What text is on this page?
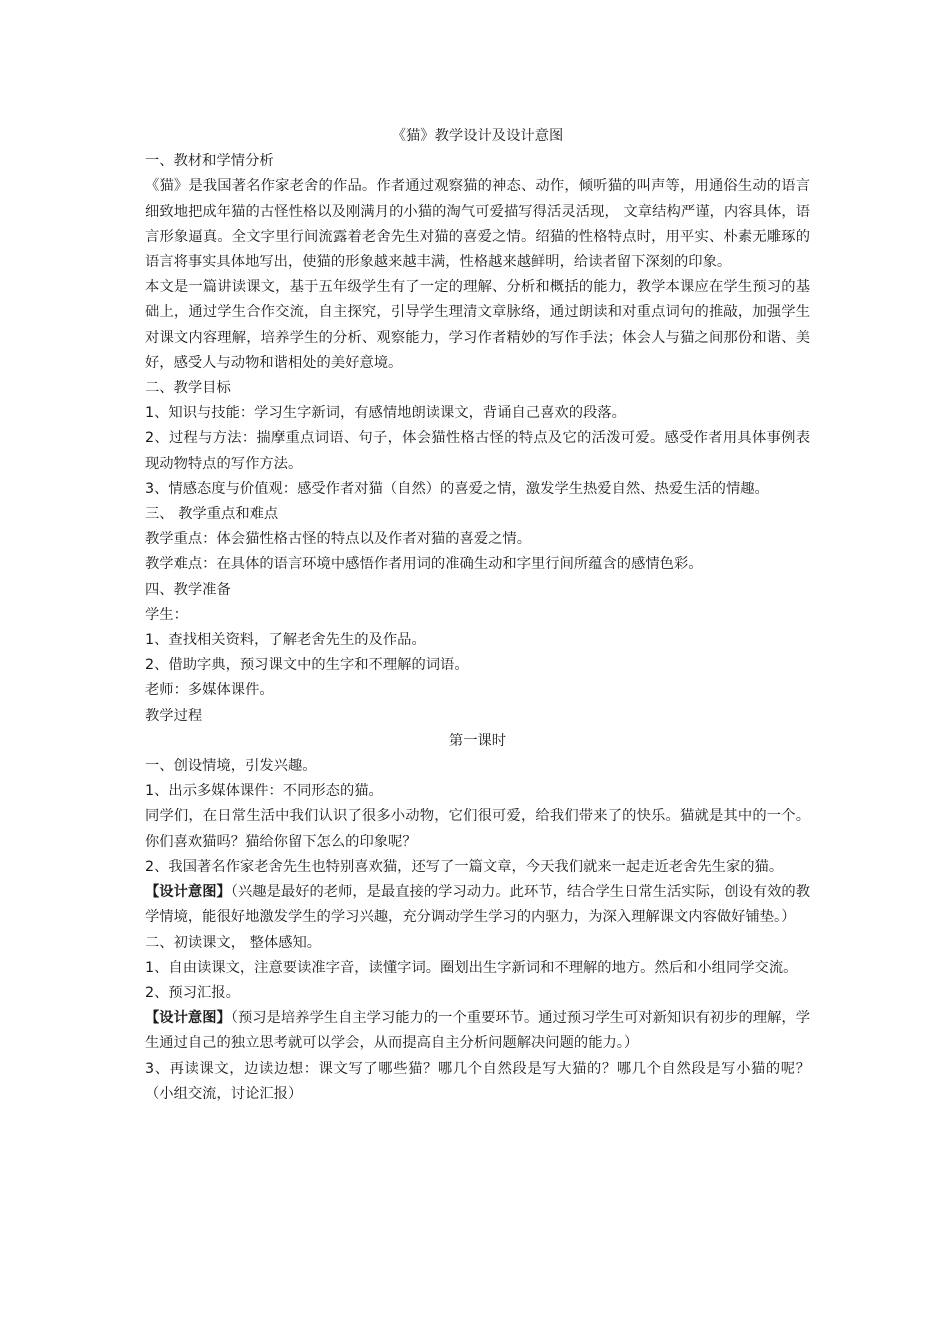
《猫》教学设计及设计意图

一、教材和学情分析

《猫》是我国著名作家老舍的作品。作者通过观察猫的神态、动作，倾听猫的叫声等，用通俗生动的语言细致地把成年猫的古怪性格以及刚满月的小猫的淘气可爱描写得活灵活现， 文章结构严谨，内容具体，语言形象逼真。全文字里行间流露着老舍先生对猫的喜爱之情。绍猫的性格特点时，用平实、朴素无雕琢的语言将事实具体地写出，使猫的形象越来越丰满，性格越来越鲜明，给读者留下深刻的印象。

本文是一篇讲读课文，基于五年级学生有了一定的理解、分析和概括的能力，教学本课应在学生预习的基础上，通过学生合作交流，自主探究，引导学生理清文章脉络，通过朗读和对重点词句的推敲，加强学生对课文内容理解，培养学生的分析、观察能力，学习作者精妙的写作手法；体会人与猫之间那份和谐、美好，感受人与动物和谐相处的美好意境。

二、教学目标

1、知识与技能：学习生字新词，有感情地朗读课文，背诵自己喜欢的段落。

2、过程与方法：揣摩重点词语、句子，体会猫性格古怪的特点及它的活泼可爱。感受作者用具体事例表现动物特点的写作方法。

3、情感态度与价值观：感受作者对猫（自然）的喜爱之情，激发学生热爱自然、热爱生活的情趣。

三、 教学重点和难点

教学重点：体会猫性格古怪的特点以及作者对猫的喜爱之情。

教学难点：在具体的语言环境中感悟作者用词的准确生动和字里行间所蕴含的感情色彩。

四、教学准备

学生：

1、查找相关资料，了解老舍先生的及作品。

2、借助字典，预习课文中的生字和不理解的词语。

老师：多媒体课件。

教学过程

第一课时

一、创设情境，引发兴趣。

1、出示多媒体课件：不同形态的猫。

同学们，在日常生活中我们认识了很多小动物，它们很可爱，给我们带来了的快乐。猫就是其中的一个。你们喜欢猫吗？猫给你留下怎么的印象呢？

2、我国著名作家老舍先生也特别喜欢猫，还写了一篇文章，今天我们就来一起走近老舍先生家的猫。

【设计意图】（兴趣是最好的老师，是最直接的学习动力。此环节，结合学生日常生活实际，创设有效的教学情境，能很好地激发学生的学习兴趣，充分调动学生学习的内驱力，为深入理解课文内容做好铺垫。）

二、初读课文， 整体感知。

1、自由读课文，注意要读准字音，读懂字词。圈划出生字新词和不理解的地方。然后和小组同学交流。

2、预习汇报。

【设计意图】（预习是培养学生自主学习能力的一个重要环节。通过预习学生可对新知识有初步的理解，学生通过自己的独立思考就可以学会，从而提高自主分析问题解决问题的能力。）

3、再读课文，边读边想：课文写了哪些猫？哪几个自然段是写大猫的？哪几个自然段是写小猫的呢？（小组交流，讨论汇报）
